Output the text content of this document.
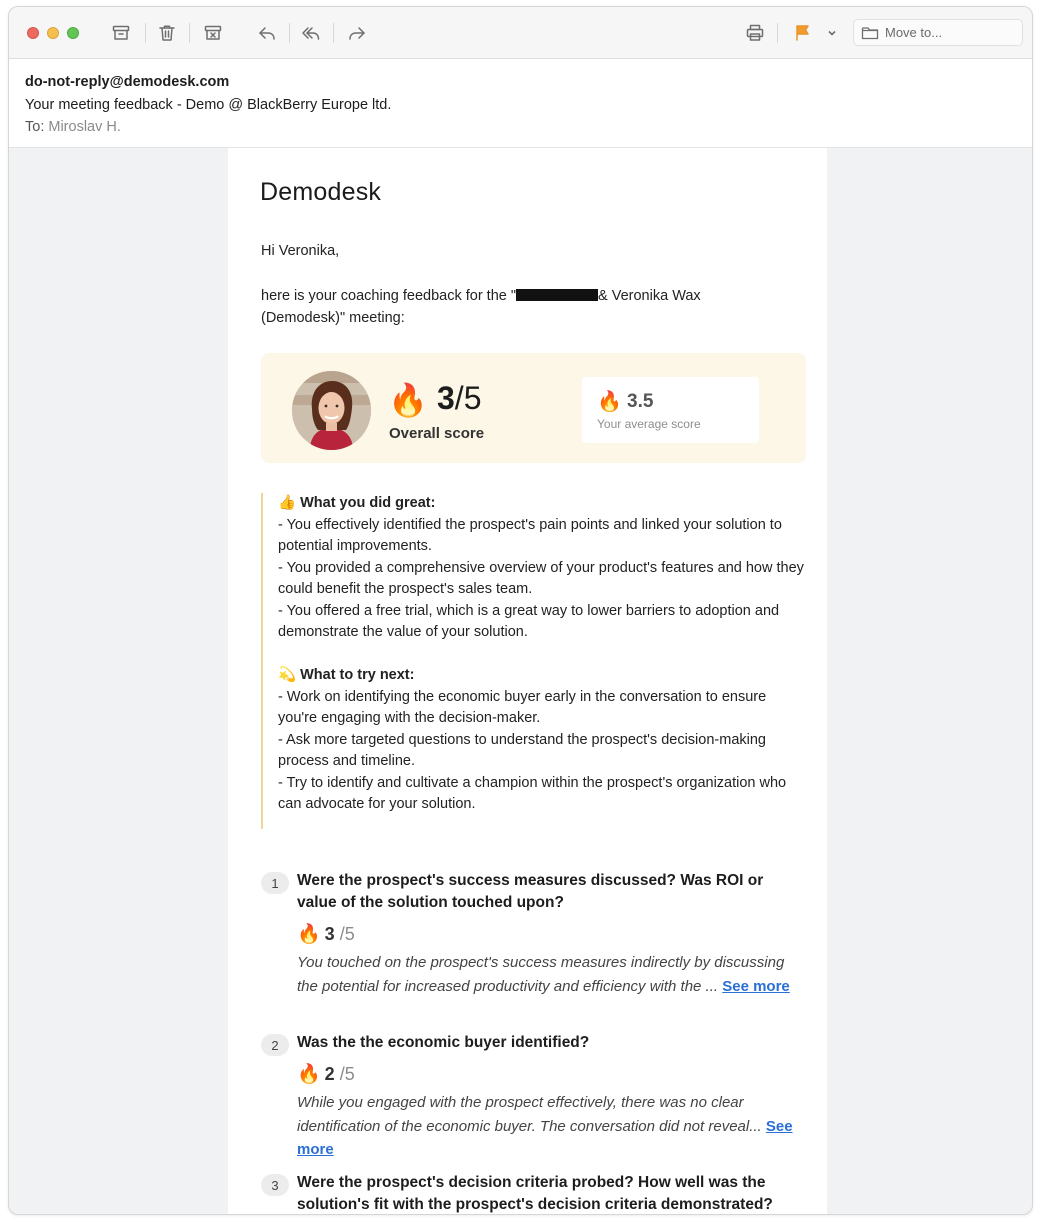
Move to...
do-not-reply@demodesk.com
Your meeting feedback - Demo @ BlackBerry Europe ltd.
To: Miroslav H.
Demodesk
Hi Veronika,
here is your coaching feedback for the "	& Veronika Wax (Demodesk)" meeting:
🔥 3/5
Overall score
🔥 3.5
Your average score
👍 What you did great:
- You effectively identified the prospect's pain points and linked your solution to potential improvements.
- You provided a comprehensive overview of your product's features and how they could benefit the prospect's sales team.
- You offered a free trial, which is a great way to lower barriers to adoption and demonstrate the value of your solution.
💫 What to try next:
- Work on identifying the economic buyer early in the conversation to ensure you're engaging with the decision-maker.
- Ask more targeted questions to understand the prospect's decision-making process and timeline.
- Try to identify and cultivate a champion within the prospect's organization who can advocate for your solution.
1	Were the prospect's success measures discussed? Was ROI or value of the solution touched upon?
🔥 3 /5
You touched on the prospect's success measures indirectly by discussing the potential for increased productivity and efficiency with the ... See more
2	Was the the economic buyer identified?
🔥 2 /5
While you engaged with the prospect effectively, there was no clear identification of the economic buyer. The conversation did not reveal... See more
3	Were the prospect's decision criteria probed? How well was the solution's fit with the prospect's decision criteria demonstrated?
